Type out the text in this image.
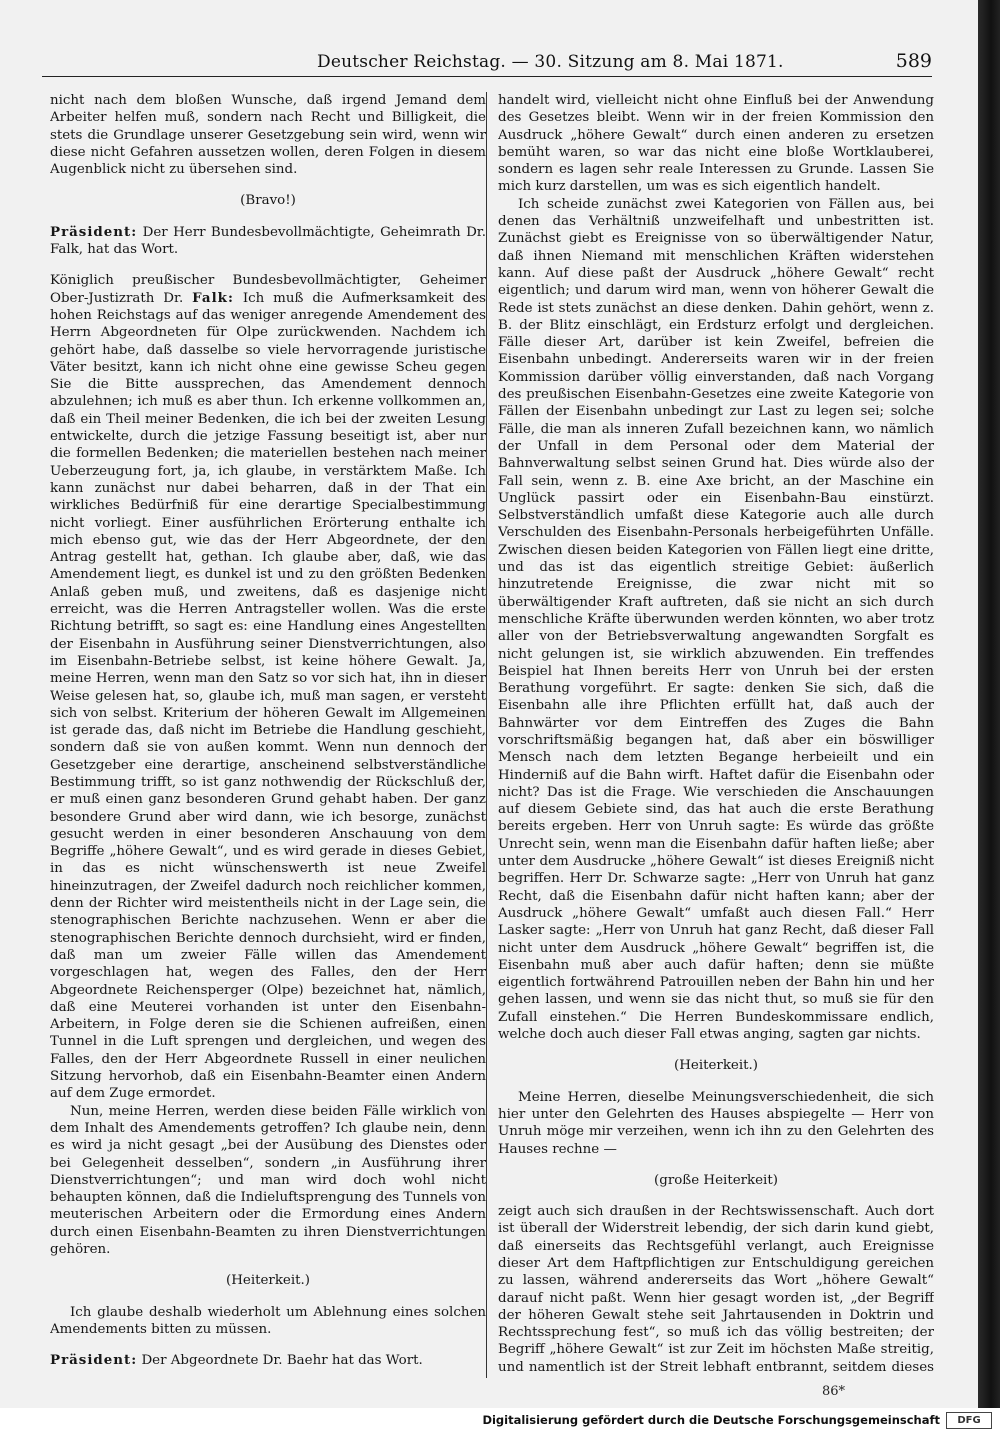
Deutscher Reichstag. — 30. Sitzung am 8. Mai 1871.	589

nicht nach dem bloßen Wunsche, daß irgend Jemand dem Arbeiter helfen muß, sondern nach Recht und Billigkeit, die stets die Grundlage unserer Gesetzgebung sein wird, wenn wir diese nicht Gefahren aussetzen wollen, deren Folgen in diesem Augenblick nicht zu übersehen sind.

(Bravo!)

Präsident: Der Herr Bundesbevollmächtigte, Geheimrath Dr. Falk, hat das Wort.

Königlich preußischer Bundesbevollmächtigter, Geheimer Ober-Justizrath Dr. Falk: Ich muß die Aufmerksamkeit des hohen Reichstags auf das weniger anregende Amendement des Herrn Abgeordneten für Olpe zurückwenden. Nachdem ich gehört habe, daß dasselbe so viele hervorragende juristische Väter besitzt, kann ich nicht ohne eine gewisse Scheu gegen Sie die Bitte aussprechen, das Amendement dennoch abzulehnen; ich muß es aber thun. Ich erkenne vollkommen an, daß ein Theil meiner Bedenken, die ich bei der zweiten Lesung entwickelte, durch die jetzige Fassung beseitigt ist, aber nur die formellen Bedenken; die materiellen bestehen nach meiner Ueberzeugung fort, ja, ich glaube, in verstärktem Maße. Ich kann zunächst nur dabei beharren, daß in der That ein wirkliches Bedürfniß für eine derartige Specialbestimmung nicht vorliegt. Einer ausführlichen Erörterung enthalte ich mich ebenso gut, wie das der Herr Abgeordnete, der den Antrag gestellt hat, gethan. Ich glaube aber, daß, wie das Amendement liegt, es dunkel ist und zu den größten Bedenken Anlaß geben muß, und zweitens, daß es dasjenige nicht erreicht, was die Herren Antragsteller wollen. Was die erste Richtung betrifft, so sagt es: eine Handlung eines Angestellten der Eisenbahn in Ausführung seiner Dienstverrichtungen, also im Eisenbahn-Betriebe selbst, ist keine höhere Gewalt. Ja, meine Herren, wenn man den Satz so vor sich hat, ihn in dieser Weise gelesen hat, so, glaube ich, muß man sagen, er versteht sich von selbst. Kriterium der höheren Gewalt im Allgemeinen ist gerade das, daß nicht im Betriebe die Handlung geschieht, sondern daß sie von außen kommt. Wenn nun dennoch der Gesetzgeber eine derartige, anscheinend selbstverständliche Bestimmung trifft, so ist ganz nothwendig der Rückschluß der, er muß einen ganz besonderen Grund gehabt haben. Der ganz besondere Grund aber wird dann, wie ich besorge, zunächst gesucht werden in einer besonderen Anschauung von dem Begriffe „höhere Gewalt“, und es wird gerade in dieses Gebiet, in das es nicht wünschenswerth ist neue Zweifel hineinzutragen, der Zweifel dadurch noch reichlicher kommen, denn der Richter wird meistentheils nicht in der Lage sein, die stenographischen Berichte nachzusehen. Wenn er aber die stenographischen Berichte dennoch durchsieht, wird er finden, daß man um zweier Fälle willen das Amendement vorgeschlagen hat, wegen des Falles, den der Herr Abgeordnete Reichensperger (Olpe) bezeichnet hat, nämlich, daß eine Meuterei vorhanden ist unter den Eisenbahn-Arbeitern, in Folge deren sie die Schienen aufreißen, einen Tunnel in die Luft sprengen und dergleichen, und wegen des Falles, den der Herr Abgeordnete Russell in einer neulichen Sitzung hervorhob, daß ein Eisenbahn-Beamter einen Andern auf dem Zuge ermordet.

Nun, meine Herren, werden diese beiden Fälle wirklich von dem Inhalt des Amendements getroffen? Ich glaube nein, denn es wird ja nicht gesagt „bei der Ausübung des Dienstes oder bei Gelegenheit desselben“, sondern „in Ausführung ihrer Dienstverrichtungen“; und man wird doch wohl nicht behaupten können, daß die Indieluftsprengung des Tunnels von meuterischen Arbeitern oder die Ermordung eines Andern durch einen Eisenbahn-Beamten zu ihren Dienstverrichtungen gehören.

(Heiterkeit.)

Ich glaube deshalb wiederholt um Ablehnung eines solchen Amendements bitten zu müssen.

Präsident: Der Abgeordnete Dr. Baehr hat das Wort.

handelt wird, vielleicht nicht ohne Einfluß bei der Anwendung des Gesetzes bleibt. Wenn wir in der freien Kommission den Ausdruck „höhere Gewalt“ durch einen anderen zu ersetzen bemüht waren, so war das nicht eine bloße Wortklauberei, sondern es lagen sehr reale Interessen zu Grunde. Lassen Sie mich kurz darstellen, um was es sich eigentlich handelt.

Ich scheide zunächst zwei Kategorien von Fällen aus, bei denen das Verhältniß unzweifelhaft und unbestritten ist. Zunächst giebt es Ereignisse von so überwältigender Natur, daß ihnen Niemand mit menschlichen Kräften widerstehen kann. Auf diese paßt der Ausdruck „höhere Gewalt“ recht eigentlich; und darum wird man, wenn von höherer Gewalt die Rede ist stets zunächst an diese denken. Dahin gehört, wenn z. B. der Blitz einschlägt, ein Erdsturz erfolgt und dergleichen. Fälle dieser Art, darüber ist kein Zweifel, befreien die Eisenbahn unbedingt. Andererseits waren wir in der freien Kommission darüber völlig einverstanden, daß nach Vorgang des preußischen Eisenbahn-Gesetzes eine zweite Kategorie von Fällen der Eisenbahn unbedingt zur Last zu legen sei; solche Fälle, die man als inneren Zufall bezeichnen kann, wo nämlich der Unfall in dem Personal oder dem Material der Bahnverwaltung selbst seinen Grund hat. Dies würde also der Fall sein, wenn z. B. eine Axe bricht, an der Maschine ein Unglück passirt oder ein Eisenbahn-Bau einstürzt. Selbstverständlich umfaßt diese Kategorie auch alle durch Verschulden des Eisenbahn-Personals herbeigeführten Unfälle. Zwischen diesen beiden Kategorien von Fällen liegt eine dritte, und das ist das eigentlich streitige Gebiet: äußerlich hinzutretende Ereignisse, die zwar nicht mit so überwältigender Kraft auftreten, daß sie nicht an sich durch menschliche Kräfte überwunden werden könnten, wo aber trotz aller von der Betriebsverwaltung angewandten Sorgfalt es nicht gelungen ist, sie wirklich abzuwenden. Ein treffendes Beispiel hat Ihnen bereits Herr von Unruh bei der ersten Berathung vorgeführt. Er sagte: denken Sie sich, daß die Eisenbahn alle ihre Pflichten erfüllt hat, daß auch der Bahnwärter vor dem Eintreffen des Zuges die Bahn vorschriftsmäßig begangen hat, daß aber ein böswilliger Mensch nach dem letzten Begange herbeieilt und ein Hinderniß auf die Bahn wirft. Haftet dafür die Eisenbahn oder nicht? Das ist die Frage. Wie verschieden die Anschauungen auf diesem Gebiete sind, das hat auch die erste Berathung bereits ergeben. Herr von Unruh sagte: Es würde das größte Unrecht sein, wenn man die Eisenbahn dafür haften ließe; aber unter dem Ausdrucke „höhere Gewalt“ ist dieses Ereigniß nicht begriffen. Herr Dr. Schwarze sagte: „Herr von Unruh hat ganz Recht, daß die Eisenbahn dafür nicht haften kann; aber der Ausdruck „höhere Gewalt“ umfaßt auch diesen Fall.“ Herr Lasker sagte: „Herr von Unruh hat ganz Recht, daß dieser Fall nicht unter dem Ausdruck „höhere Gewalt“ begriffen ist, die Eisenbahn muß aber auch dafür haften; denn sie müßte eigentlich fortwährend Patrouillen neben der Bahn hin und her gehen lassen, und wenn sie das nicht thut, so muß sie für den Zufall einstehen.“ Die Herren Bundeskommissare endlich, welche doch auch dieser Fall etwas anging, sagten gar nichts.

(Heiterkeit.)

Meine Herren, dieselbe Meinungsverschiedenheit, die sich hier unter den Gelehrten des Hauses abspiegelte — Herr von Unruh möge mir verzeihen, wenn ich ihn zu den Gelehrten des Hauses rechne —

(große Heiterkeit)

zeigt auch sich draußen in der Rechtswissenschaft. Auch dort ist überall der Widerstreit lebendig, der sich darin kund giebt, daß einerseits das Rechtsgefühl verlangt, auch Ereignisse dieser Art dem Haftpflichtigen zur Entschuldigung gereichen zu lassen, während andererseits das Wort „höhere Gewalt“ darauf nicht paßt. Wenn hier gesagt worden ist, „der Begriff der höheren Gewalt stehe seit Jahrtausenden in Doktrin und Rechtssprechung fest“, so muß ich das völlig bestreiten; der Begriff „höhere Gewalt“ ist zur Zeit im höchsten Maße streitig, und namentlich ist der Streit lebhaft entbrannt, seitdem dieses

86*
Digitalisierung gefördert durch die Deutsche Forschungsgemeinschaft	DFG
